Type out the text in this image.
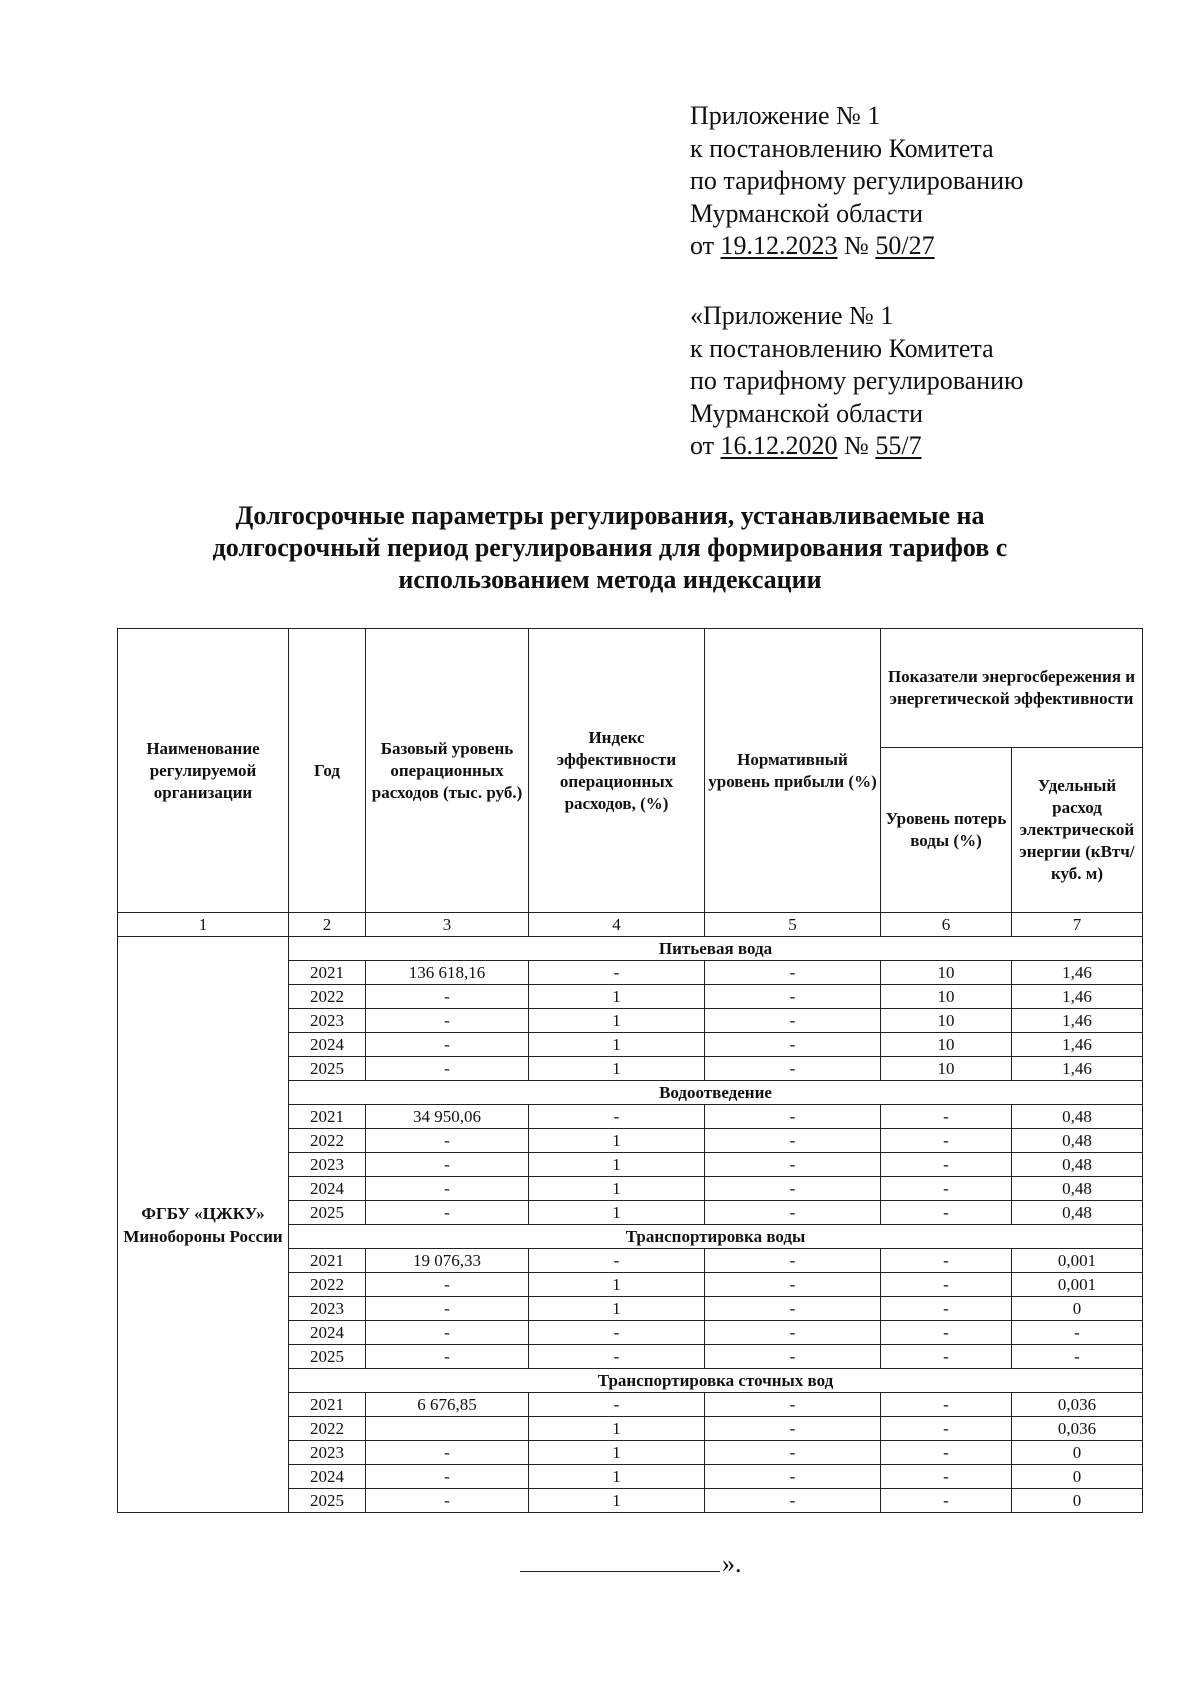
Приложение № 1
к постановлению Комитета
по тарифному регулированию
Мурманской области
от 19.12.2023 № 50/27
«Приложение № 1
к постановлению Комитета
по тарифному регулированию
Мурманской области
от 16.12.2020 № 55/7
Долгосрочные параметры регулирования, устанавливаемые на
долгосрочный период регулирования для формирования тарифов с
использованием метода индексации
Наименование регулируемой организации	Год	Базовый уровень операционных расходов (тыс. руб.)	Индекс эффективности операционных расходов, (%)	Нормативный уровень прибыли (%)	Показатели энергосбережения и энергетической эффективности	
					Уровень потерь воды (%)	Удельный расход электрической энергии (кВтч/куб. м)
1	2	3	4	5	6	7
ФГБУ «ЦЖКУ» Минобороны России	Питьевая вода					
	2021	136 618,16	-	-	10	1,46
	2022	-	1	-	10	1,46
	2023	-	1	-	10	1,46
	2024	-	1	-	10	1,46
	2025	-	1	-	10	1,46
	Водоотведение					
	2021	34 950,06	-	-	-	0,48
	2022	-	1	-	-	0,48
	2023	-	1	-	-	0,48
	2024	-	1	-	-	0,48
	2025	-	1	-	-	0,48
	Транспортировка воды					
	2021	19 076,33	-	-	-	0,001
	2022	-	1	-	-	0,001
	2023	-	1	-	-	0
	2024	-	-	-	-	-
	2025	-	-	-	-	-
	Транспортировка сточных вод					
	2021	6 676,85	-	-	-	0,036
	2022		1	-	-	0,036
	2023	-	1	-	-	0
	2024	-	1	-	-	0
	2025	-	1	-	-	0
».
